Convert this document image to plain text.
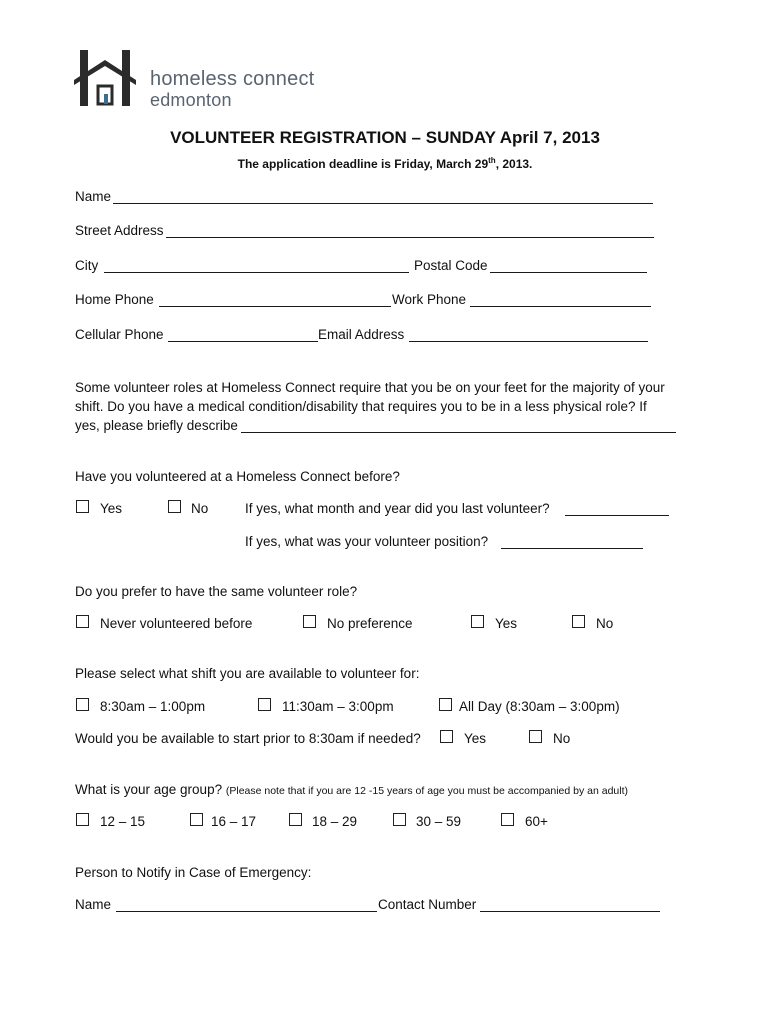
homeless connect
edmonton
VOLUNTEER REGISTRATION – SUNDAY April 7, 2013
The application deadline is Friday, March 29th, 2013.
Name
Street Address
City	Postal Code
Home Phone	Work Phone
Cellular Phone	Email Address
Some volunteer roles at Homeless Connect require that you be on your feet for the majority of your
shift. Do you have a medical condition/disability that requires you to be in a less physical role? If
yes, please briefly describe
Have you volunteered at a Homeless Connect before?
Yes	No	If yes, what month and year did you last volunteer?
If yes, what was your volunteer position?
Do you prefer to have the same volunteer role?
Never volunteered before	No preference	Yes	No
Please select what shift you are available to volunteer for:
8:30am – 1:00pm	11:30am – 3:00pm	All Day (8:30am – 3:00pm)
Would you be available to start prior to 8:30am if needed?	Yes	No
What is your age group? (Please note that if you are 12 -15 years of age you must be accompanied by an adult)
12 – 15	16 – 17	18 – 29	30 – 59	60+
Person to Notify in Case of Emergency:
Name	Contact Number
